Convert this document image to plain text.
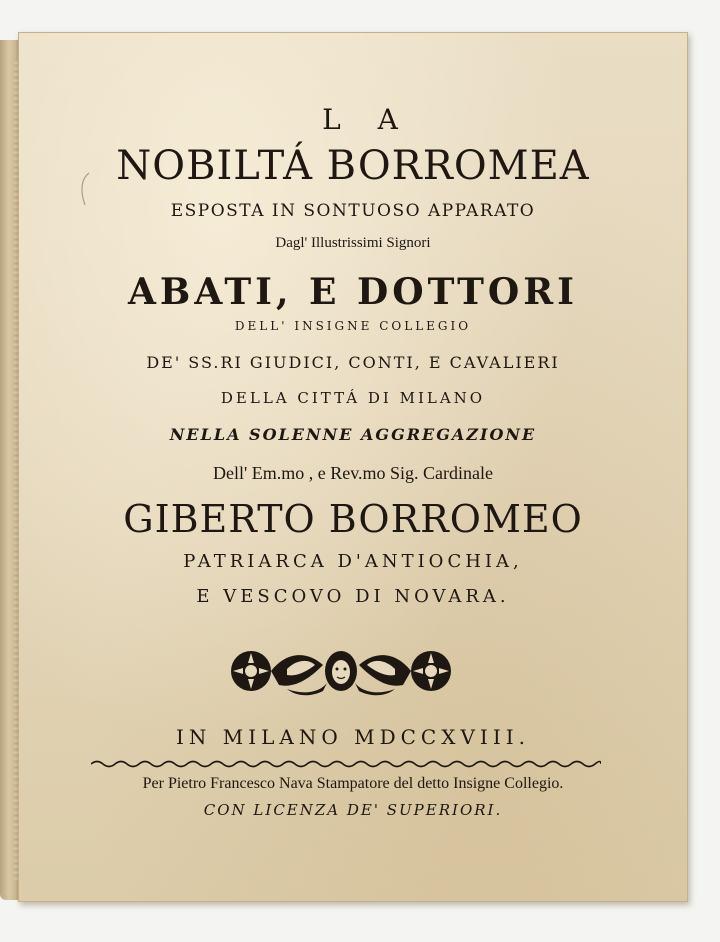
L A
NOBILTÁ BORROMEA
ESPOSTA IN SONTUOSO APPARATO
Dagl' Illustrissimi Signori
ABATI, E DOTTORI
DELL' INSIGNE COLLEGIO
DE' SS.RI GIUDICI, CONTI, E CAVALIERI
DELLA CITTÁ DI MILANO
NELLA SOLENNE AGGREGAZIONE
Dell' Em.mo , e Rev.mo Sig. Cardinale
GIBERTO BORROMEO
PATRIARCA D'ANTIOCHIA,
E VESCOVO DI NOVARA.
IN MILANO MDCCXVIII.
Per Pietro Francesco Nava Stampatore del detto Insigne Collegio.
CON LICENZA DE' SUPERIORI.
